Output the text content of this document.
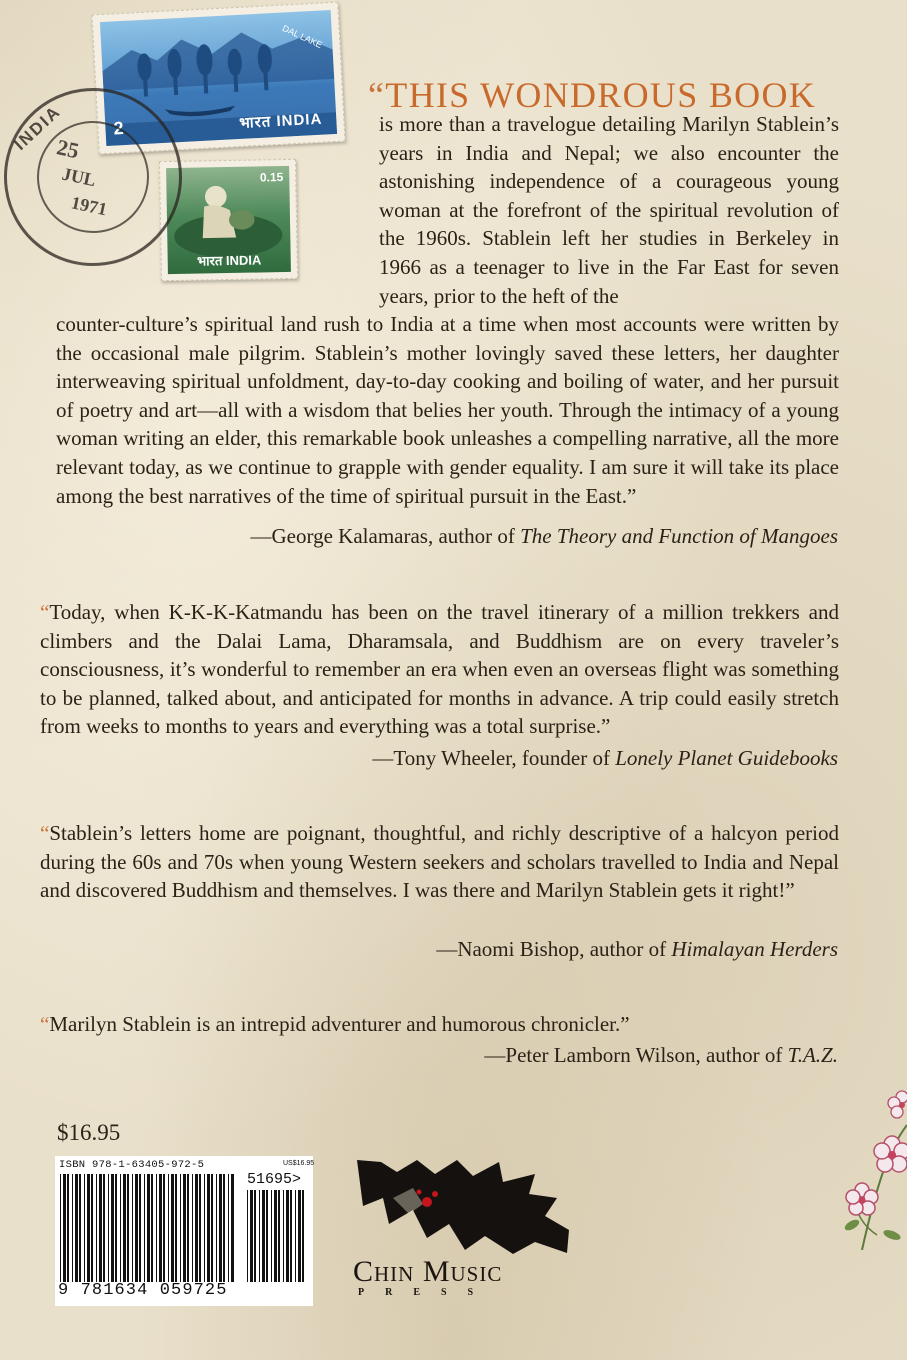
2	भारत INDIA
DAL LAKE
0.15
भारत INDIA
INDIA
25
JUL
1971
“THIS WONDROUS BOOK

is more than a travelogue detailing Marilyn Stablein’s years in India and Nepal; we also encounter the astonishing independence of a courageous young woman at the forefront of the spiritual revolution of the 1960s. Stablein left her studies in Berkeley in 1966 as a teenager to live in the Far East for seven years, prior to the heft of the

counter-culture’s spiritual land rush to India at a time when most accounts were written by the occasional male pilgrim. Stablein’s mother lovingly saved these letters, her daughter interweaving spiritual unfoldment, day-to-day cooking and boiling of water, and her pursuit of poetry and art—all with a wisdom that belies her youth. Through the intimacy of a young woman writing an elder, this remarkable book unleashes a compelling narrative, all the more relevant today, as we continue to grapple with gender equality. I am sure it will take its place among the best narratives of the time of spiritual pursuit in the East.”

—George Kalamaras, author of The Theory and Function of Mangoes

“Today, when K-K-K-Katmandu has been on the travel itinerary of a million trekkers and climbers and the Dalai Lama, Dharamsala, and Buddhism are on every traveler’s consciousness, it’s wonderful to remember an era when even an overseas flight was something to be planned, talked about, and anticipated for months in advance. A trip could easily stretch from weeks to months to years and everything was a total surprise.”

—Tony Wheeler, founder of Lonely Planet Guidebooks

“Stablein’s letters home are poignant, thoughtful, and richly descriptive of a halcyon period during the 60s and 70s when young Western seekers and scholars travelled to India and Nepal and discovered Buddhism and themselves. I was there and Marilyn Stablein gets it right!”

—Naomi Bishop, author of Himalayan Herders

“Marilyn Stablein is an intrepid adventurer and humorous chronicler.”

—Peter Lamborn Wilson, author of T.A.Z.
$16.95
ISBN 978-1-63405-972-5	US$16.95
51695>
9 781634 059725
Chin Music
PRESS
